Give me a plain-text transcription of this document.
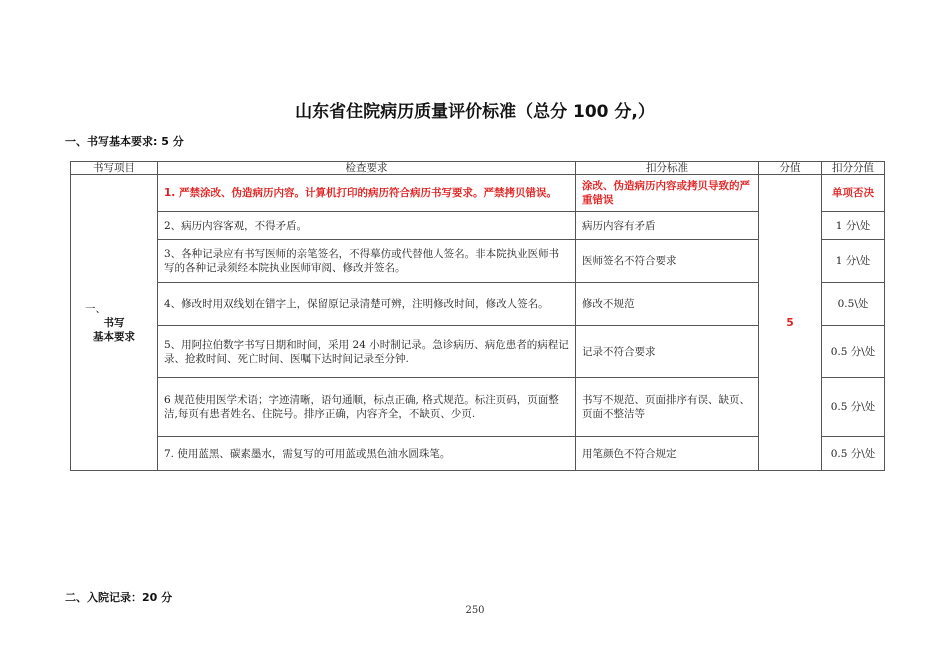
山东省住院病历质量评价标准（总分 100 分,）
一、书写基本要求: 5 分
书写项目	检查要求	扣分标准	分值	扣分分值

一、
书写
基本要求	1. 严禁涂改、伪造病历内容。计算机打印的病历符合病历书写要求。严禁拷贝错误。	涂改、伪造病历内容或拷贝导致的严重错误	5	单项否决
	2、病历内容客观，不得矛盾。	病历内容有矛盾		1 分\处
	3、各种记录应有书写医师的亲笔签名，不得摹仿或代替他人签名。非本院执业医师书写的各种记录须经本院执业医师审阅、修改并签名。	医师签名不符合要求		1 分\处
	4、修改时用双线划在错字上，保留原记录清楚可辨，注明修改时间，修改人签名。	修改不规范		0.5\处
	5、用阿拉伯数字书写日期和时间，采用 24 小时制记录。急诊病历、病危患者的病程记录、抢救时间、死亡时间、医嘱下达时间记录至分钟.	记录不符合要求		0.5 分\处
	6 规范使用医学术语；字迹清晰，语句通顺，标点正确, 格式规范。标注页码，页面整洁,每页有患者姓名、住院号。排序正确，内容齐全，不缺页、少页.	书写不规范、页面排序有误、缺页、页面不整洁等		0.5 分\处
	7. 使用蓝黑、碳素墨水，需复写的可用蓝或黑色油水圆珠笔。	用笔颜色不符合规定		0.5 分\处
二、入院记录：20 分
250
